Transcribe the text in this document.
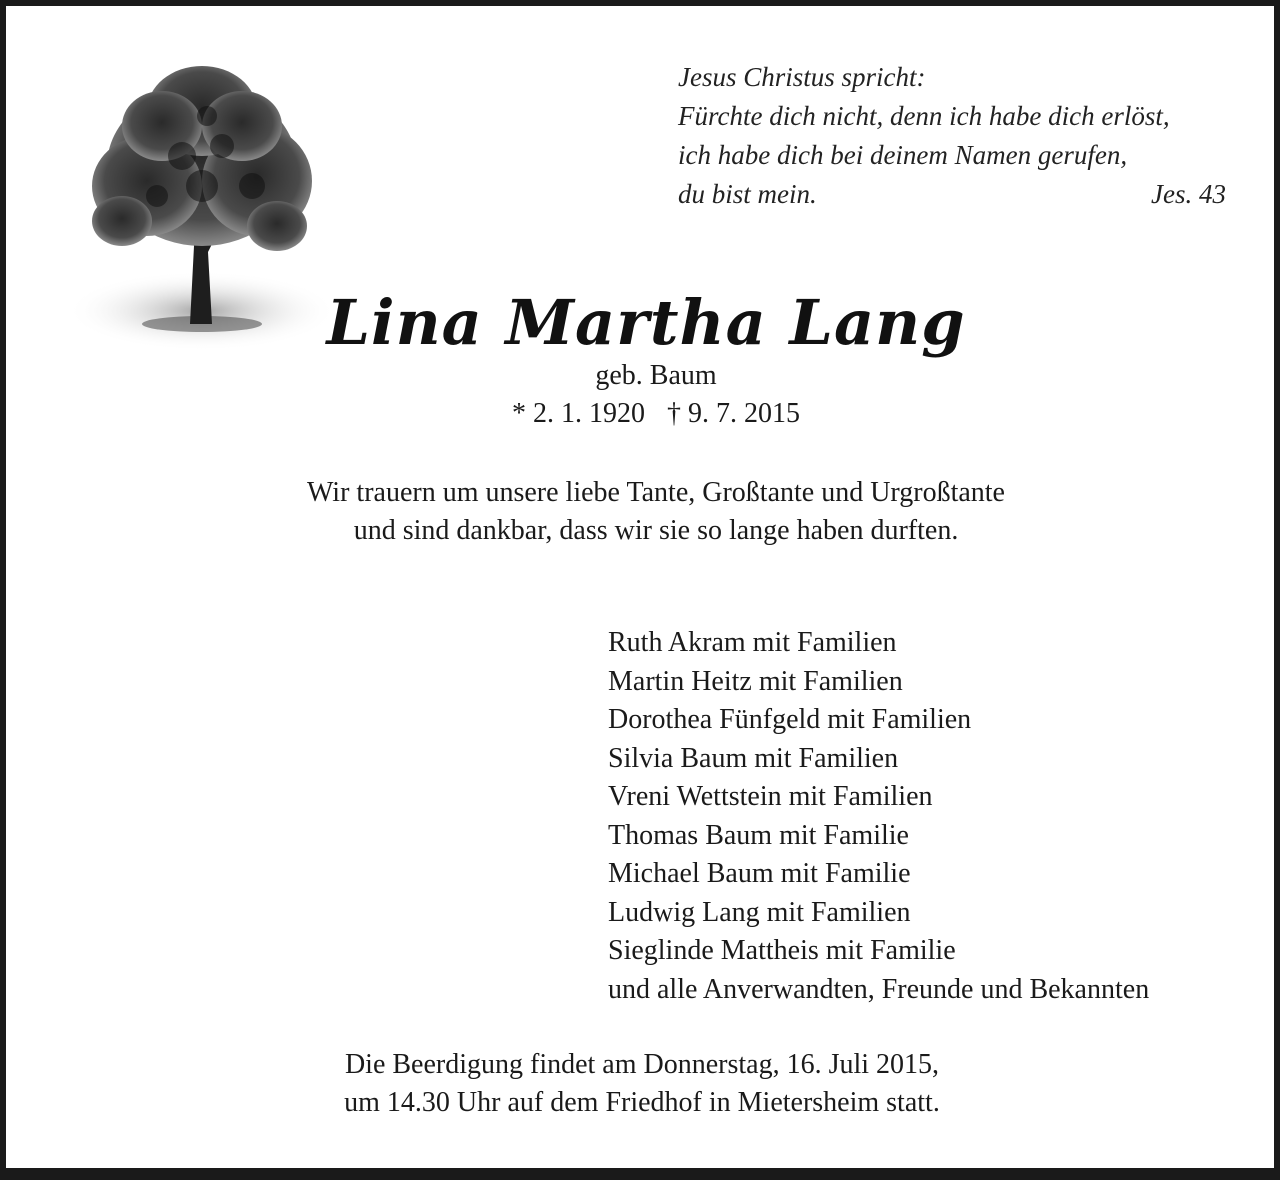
Jesus Christus spricht:
Fürchte dich nicht, denn ich habe dich erlöst,
ich habe dich bei deinem Namen gerufen,
du bist mein.	Jes. 43
Lina Martha Lang
geb. Baum
* 2. 1. 1920 † 9. 7. 2015
Wir trauern um unsere liebe Tante, Großtante und Urgroßtante
und sind dankbar, dass wir sie so lange haben durften.
Ruth Akram mit Familien
Martin Heitz mit Familien
Dorothea Fünfgeld mit Familien
Silvia Baum mit Familien
Vreni Wettstein mit Familien
Thomas Baum mit Familie
Michael Baum mit Familie
Ludwig Lang mit Familien
Sieglinde Mattheis mit Familie
und alle Anverwandten, Freunde und Bekannten
Die Beerdigung findet am Donnerstag, 16. Juli 2015,
um 14.30 Uhr auf dem Friedhof in Mietersheim statt.
